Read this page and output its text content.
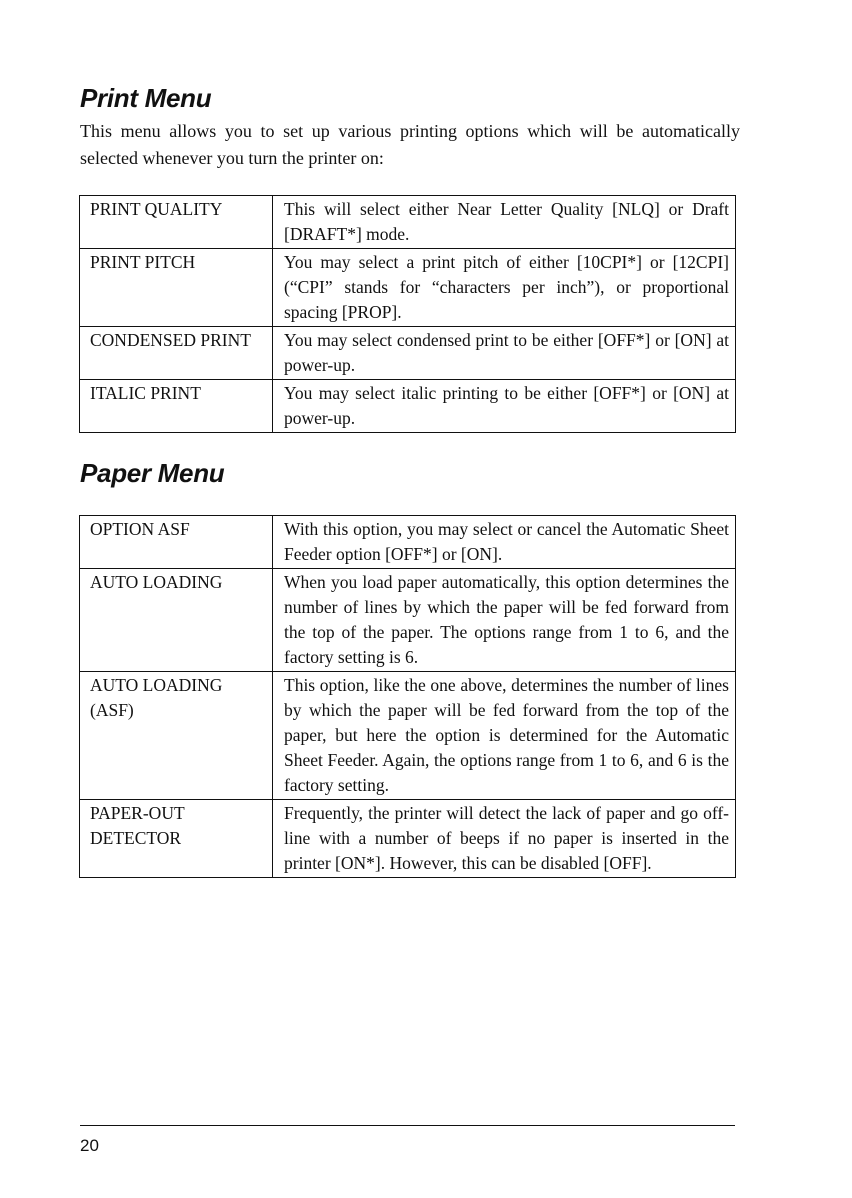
Print Menu

This menu allows you to set up various printing options which will be automatically selected whenever you turn the printer on:

PRINT QUALITY	This will select either Near Letter Quality [NLQ] or Draft [DRAFT*] mode.
PRINT PITCH	You may select a print pitch of either [10CPI*] or [12CPI] (“CPI” stands for “characters per inch”), or proportional spacing [PROP].
CONDENSED PRINT	You may select condensed print to be either [OFF*] or [ON] at power-up.
ITALIC PRINT	You may select italic printing to be either [OFF*] or [ON] at power-up.
Paper Menu
OPTION ASF	With this option, you may select or cancel the Automatic Sheet Feeder option [OFF*] or [ON].
AUTO LOADING	When you load paper automatically, this option determines the number of lines by which the paper will be fed forward from the top of the paper. The options range from 1 to 6, and the factory setting is 6.
AUTO LOADING (ASF)	This option, like the one above, determines the number of lines by which the paper will be fed forward from the top of the paper, but here the option is determined for the Automatic Sheet Feeder. Again, the options range from 1 to 6, and 6 is the factory setting.
PAPER-OUT DETECTOR	Frequently, the printer will detect the lack of paper and go off-line with a number of beeps if no paper is inserted in the printer [ON*]. However, this can be disabled [OFF].
20
